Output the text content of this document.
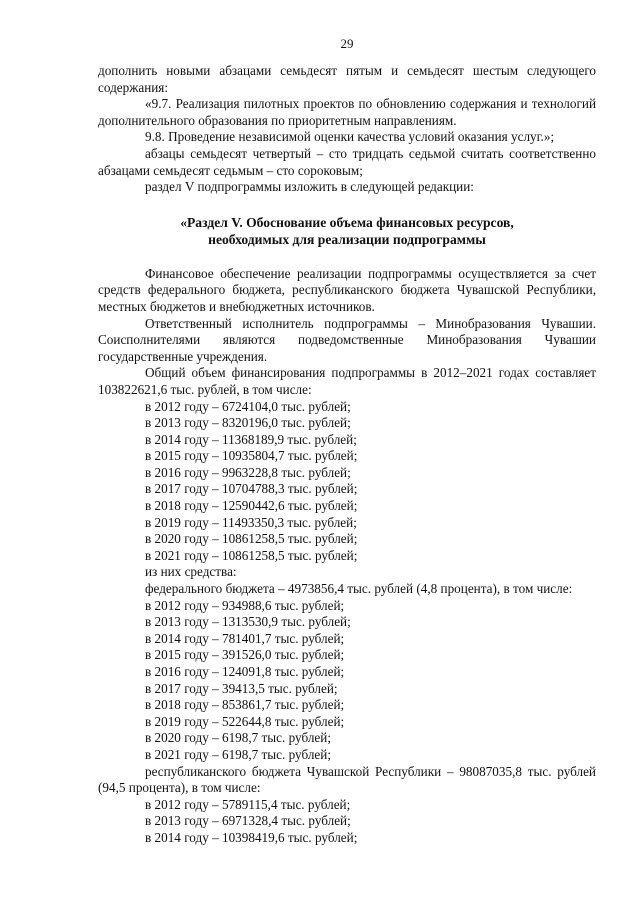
29

дополнить новыми абзацами семьдесят пятым и семьдесят шестым следующего содержания:

«9.7. Реализация пилотных проектов по обновлению содержания и технологий дополнительного образования по приоритетным направлениям.

9.8. Проведение независимой оценки качества условий оказания услуг.»;

абзацы семьдесят четвертый – сто тридцать седьмой считать соответственно абзацами семьдесят седьмым – сто сороковым;

раздел V подпрограммы изложить в следующей редакции:

«Раздел V. Обоснование объема финансовых ресурсов,
необходимых для реализации подпрограммы

Финансовое обеспечение реализации подпрограммы осуществляется за счет средств федерального бюджета, республиканского бюджета Чувашской Республики, местных бюджетов и внебюджетных источников.

Ответственный исполнитель подпрограммы – Минобразования Чувашии. Соисполнителями являются подведомственные Минобразования Чувашии государственные учреждения.

Общий объем финансирования подпрограммы в 2012–2021 годах составляет 103822621,6 тыс. рублей, в том числе:

в 2012 году – 6724104,0 тыс. рублей;

в 2013 году – 8320196,0 тыс. рублей;

в 2014 году – 11368189,9 тыс. рублей;

в 2015 году – 10935804,7 тыс. рублей;

в 2016 году – 9963228,8 тыс. рублей;

в 2017 году – 10704788,3 тыс. рублей;

в 2018 году – 12590442,6 тыс. рублей;

в 2019 году – 11493350,3 тыс. рублей;

в 2020 году – 10861258,5 тыс. рублей;

в 2021 году – 10861258,5 тыс. рублей;

из них средства:

федерального бюджета – 4973856,4 тыс. рублей (4,8 процента), в том числе:

в 2012 году – 934988,6 тыс. рублей;

в 2013 году – 1313530,9 тыс. рублей;

в 2014 году – 781401,7 тыс. рублей;

в 2015 году – 391526,0 тыс. рублей;

в 2016 году – 124091,8 тыс. рублей;

в 2017 году – 39413,5 тыс. рублей;

в 2018 году – 853861,7 тыс. рублей;

в 2019 году – 522644,8 тыс. рублей;

в 2020 году – 6198,7 тыс. рублей;

в 2021 году – 6198,7 тыс. рублей;

республиканского бюджета Чувашской Республики – 98087035,8 тыс. рублей (94,5 процента), в том числе:

в 2012 году – 5789115,4 тыс. рублей;

в 2013 году – 6971328,4 тыс. рублей;

в 2014 году – 10398419,6 тыс. рублей;
